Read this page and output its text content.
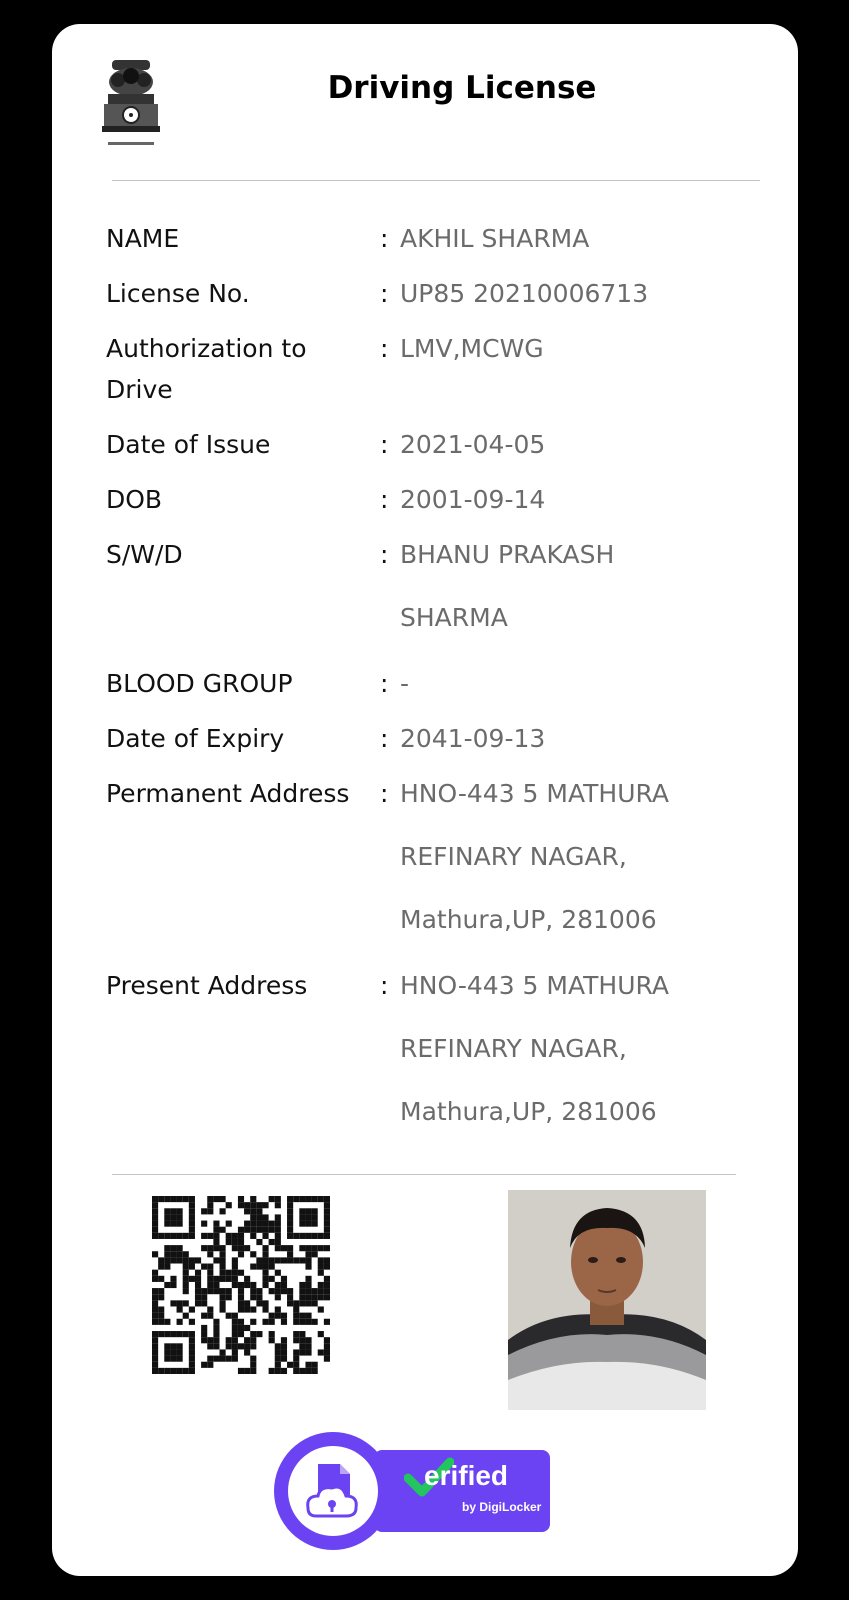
Driving License
NAME	: AKHIL SHARMA
License No.	: UP85 20210006713
Authorization to Drive
: LMV,MCWG
Date of Issue	: 2021-04-05
DOB	: 2001-09-14
S/W/D	: BHANU PRAKASH
SHARMA
BLOOD GROUP	: -
Date of Expiry	: 2041-09-13
Permanent Address	: HNO-443 5 MATHURA
REFINARY NAGAR,
Mathura,UP, 281006
Present Address	: HNO-443 5 MATHURA
REFINARY NAGAR,
Mathura,UP, 281006
erified
by DigiLocker
